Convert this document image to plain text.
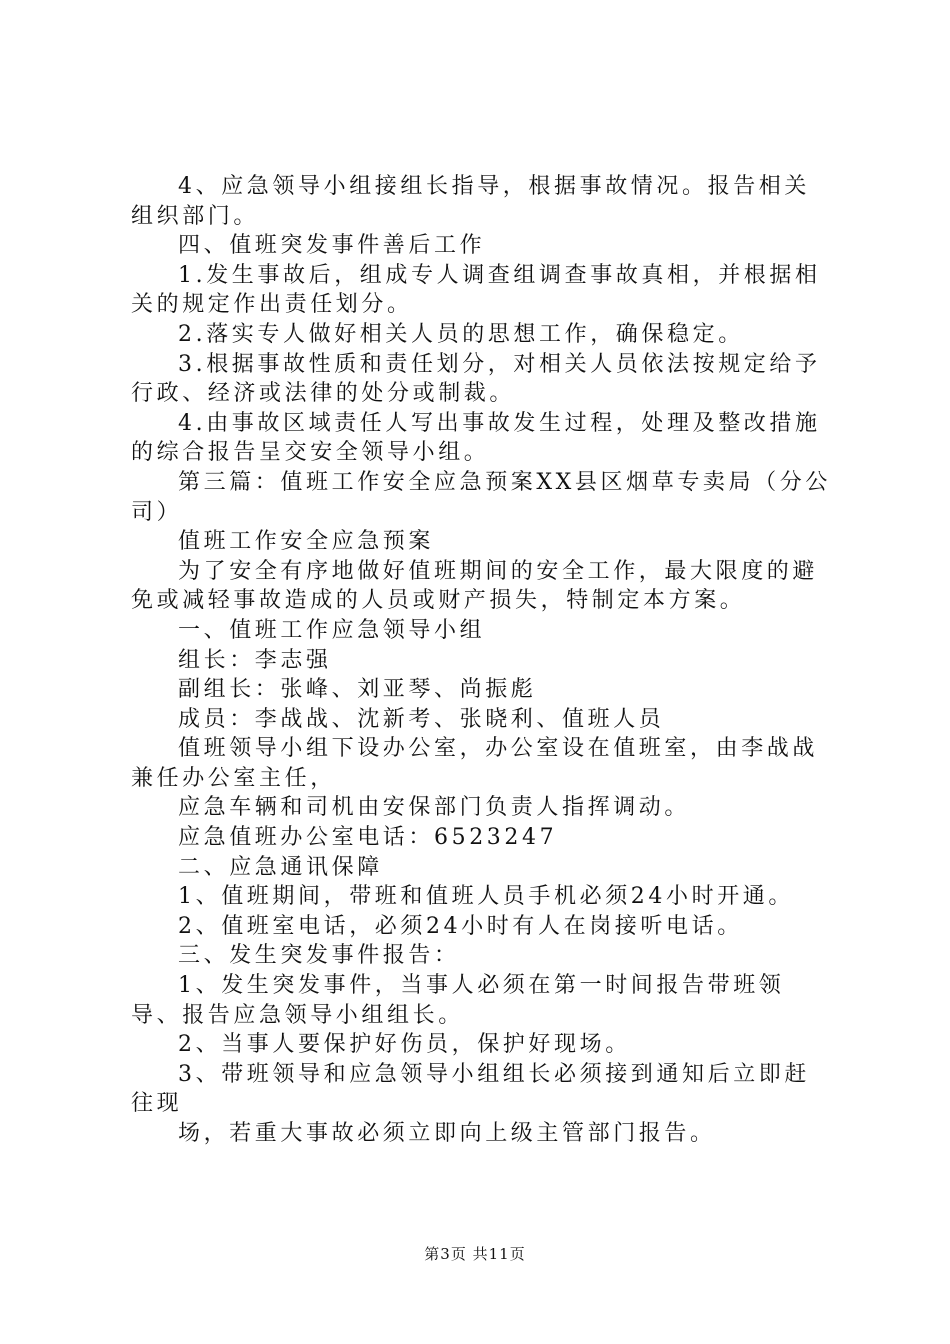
4、应急领导小组接组长指导，根据事故情况。报告相关组织部门。

四、值班突发事件善后工作

1.发生事故后，组成专人调查组调查事故真相，并根据相关的规定作出责任划分。

2.落实专人做好相关人员的思想工作，确保稳定。

3.根据事故性质和责任划分，对相关人员依法按规定给予行政、经济或法律的处分或制裁。

4.由事故区域责任人写出事故发生过程，处理及整改措施的综合报告呈交安全领导小组。

第三篇：值班工作安全应急预案XX县区烟草专卖局（分公司）

值班工作安全应急预案

为了安全有序地做好值班期间的安全工作，最大限度的避免或减轻事故造成的人员或财产损失，特制定本方案。

一、值班工作应急领导小组

组长：李志强

副组长：张峰、刘亚琴、尚振彪

成员：李战战、沈新考、张晓利、值班人员

值班领导小组下设办公室，办公室设在值班室，由李战战兼任办公室主任，

应急车辆和司机由安保部门负责人指挥调动。

应急值班办公室电话：6523247

二、应急通讯保障

1、值班期间，带班和值班人员手机必须24小时开通。

2、值班室电话，必须24小时有人在岗接听电话。

三、发生突发事件报告：

1、发生突发事件，当事人必须在第一时间报告带班领导、报告应急领导小组组长。

2、当事人要保护好伤员，保护好现场。

3、带班领导和应急领导小组组长必须接到通知后立即赶往现

场，若重大事故必须立即向上级主管部门报告。

第3页 共11页
